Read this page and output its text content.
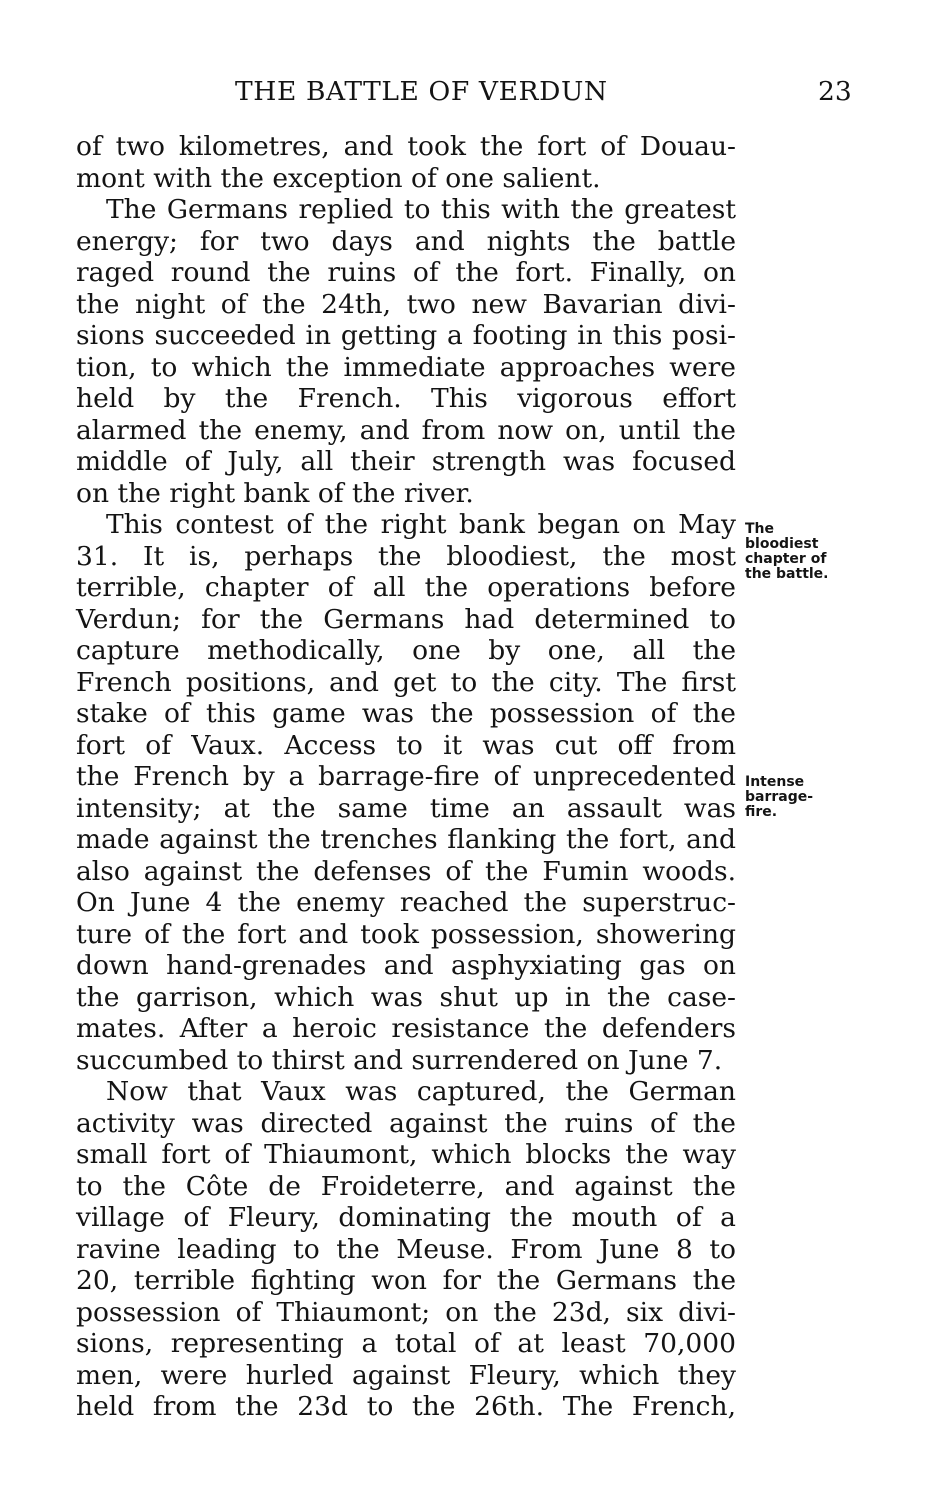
THE BATTLE OF VERDUN	23
of two kilometres, and took the fort of Douau-
mont with the exception of one salient.
The Germans replied to this with the greatest
energy; for two days and nights the battle
raged round the ruins of the fort. Finally, on
the night of the 24th, two new Bavarian divi-
sions succeeded in getting a footing in this posi-
tion, to which the immediate approaches were
held by the French. This vigorous effort
alarmed the enemy, and from now on, until the
middle of July, all their strength was focused
on the right bank of the river.
This contest of the right bank began on May
31. It is, perhaps the bloodiest, the most
terrible, chapter of all the operations before
Verdun; for the Germans had determined to
capture methodically, one by one, all the
French positions, and get to the city. The first
stake of this game was the possession of the
fort of Vaux. Access to it was cut off from
the French by a barrage-fire of unprecedented
intensity; at the same time an assault was
made against the trenches flanking the fort, and
also against the defenses of the Fumin woods.
On June 4 the enemy reached the superstruc-
ture of the fort and took possession, showering
down hand-grenades and asphyxiating gas on
the garrison, which was shut up in the case-
mates. After a heroic resistance the defenders
succumbed to thirst and surrendered on June 7.
Now that Vaux was captured, the German
activity was directed against the ruins of the
small fort of Thiaumont, which blocks the way
to the Côte de Froideterre, and against the
village of Fleury, dominating the mouth of a
ravine leading to the Meuse. From June 8 to
20, terrible fighting won for the Germans the
possession of Thiaumont; on the 23d, six divi-
sions, representing a total of at least 70,000
men, were hurled against Fleury, which they
held from the 23d to the 26th. The French,
The
bloodiest
chapter of
the battle.
Intense
barrage-
fire.
